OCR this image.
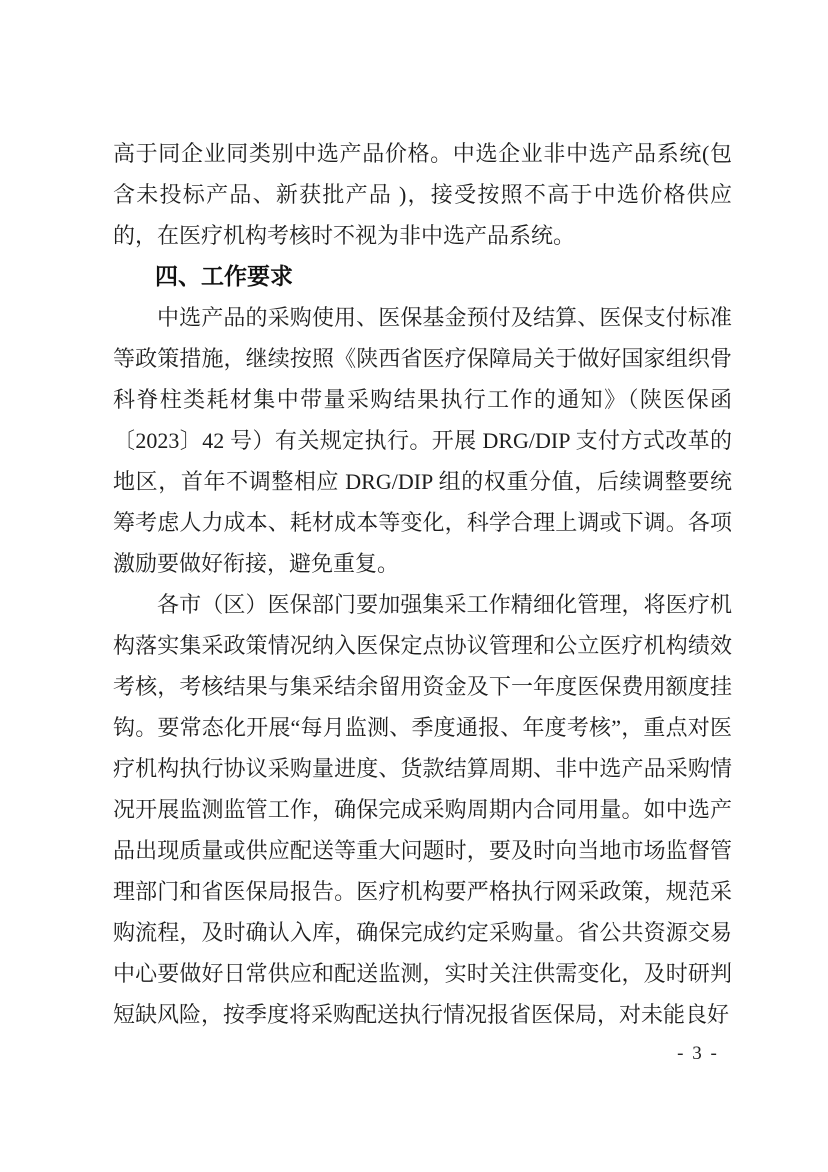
高于同企业同类别中选产品价格。中选企业非中选产品系统(包含未投标产品、新获批产品 )，接受按照不高于中选价格供应的，在医疗机构考核时不视为非中选产品系统。

四、工作要求

中选产品的采购使用、医保基金预付及结算、医保支付标准等政策措施，继续按照《陕西省医疗保障局关于做好国家组织骨科脊柱类耗材集中带量采购结果执行工作的通知》（陕医保函〔2023〕42 号）有关规定执行。开展 DRG/DIP 支付方式改革的地区，首年不调整相应 DRG/DIP 组的权重分值，后续调整要统筹考虑人力成本、耗材成本等变化，科学合理上调或下调。各项激励要做好衔接，避免重复。

各市（区）医保部门要加强集采工作精细化管理，将医疗机构落实集采政策情况纳入医保定点协议管理和公立医疗机构绩效考核，考核结果与集采结余留用资金及下一年度医保费用额度挂钩。要常态化开展“每月监测、季度通报、年度考核”，重点对医疗机构执行协议采购量进度、货款结算周期、非中选产品采购情况开展监测监管工作，确保完成采购周期内合同用量。如中选产品出现质量或供应配送等重大问题时，要及时向当地市场监督管理部门和省医保局报告。医疗机构要严格执行网采政策，规范采购流程，及时确认入库，确保完成约定采购量。省公共资源交易中心要做好日常供应和配送监测，实时关注供需变化，及时研判短缺风险，按季度将采购配送执行情况报省医保局，对未能良好

- 3 -
